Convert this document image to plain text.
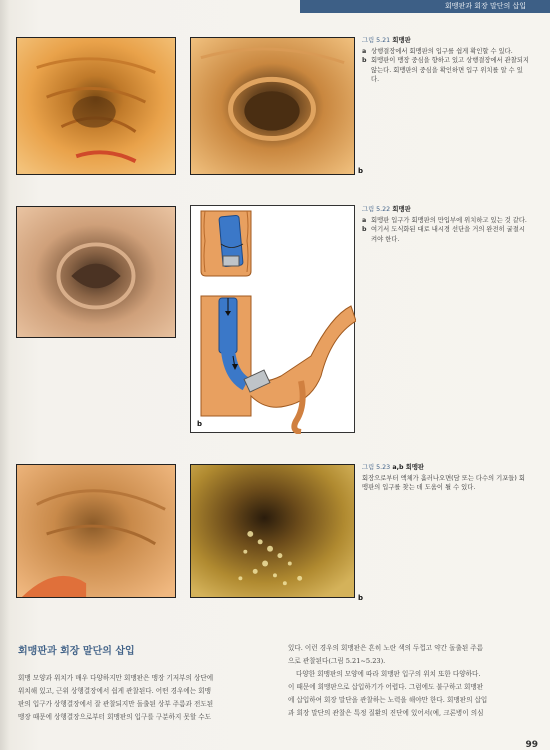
회맹판과 회장 말단의 삽입
b
그림 5.21 회맹판
a 상행결장에서 회맹판의 입구를 쉽게 확인할 수 있다.
b 회맹판이 맹장 중심을 향하고 있고 상행결장에서 관찰되지 않는다. 회맹판의 중심을 확인하면 입구 위치를 알 수 있다.
b
그림 5.22 회맹판
a 회맹판 입구가 회맹판의 만입부에 위치하고 있는 것 같다.
b 여기서 도식화된 대로 내시경 선단을 거의 완전히 굴절시켜야 한다.
b
그림 5.23 a,b 회맹판
회장으로부터 액체가 흘러나오면(담 또는 다수의 기포들) 회맹판의 입구를 찾는 데 도움이 될 수 있다.
회맹판과 회장 말단의 삽입
회맹 모양과 위치가 매우 다양하지만 회맹판은 맹장 기저부의 상단에
위치해 있고, 근위 상행결장에서 쉽게 관찰된다. 어떤 경우에는 회맹
판의 입구가 상행결장에서 잘 관찰되지만 돌출된 상부 주름과 전도된
맹장 때문에 상행결장으로부터 회맹판의 입구를 구분하지 못할 수도
있다. 이런 경우의 회맹판은 흔히 노란 색의 두껍고 약간 돌출된 주름
으로 관찰된다(그림 5.21~5.23).
다양한 회맹판의 모양에 따라 회맹판 입구의 위치 또한 다양하다.
이 때문에 회맹판으로 삽입하기가 어렵다. 그럼에도 불구하고 회맹판
에 삽입하여 회장 말단을 관찰하는 노력을 해야만 한다. 회맹판의 삽입
과 회장 말단의 관찰은 특정 질환의 진단에 있어서(예, 크론병이 의심
99
